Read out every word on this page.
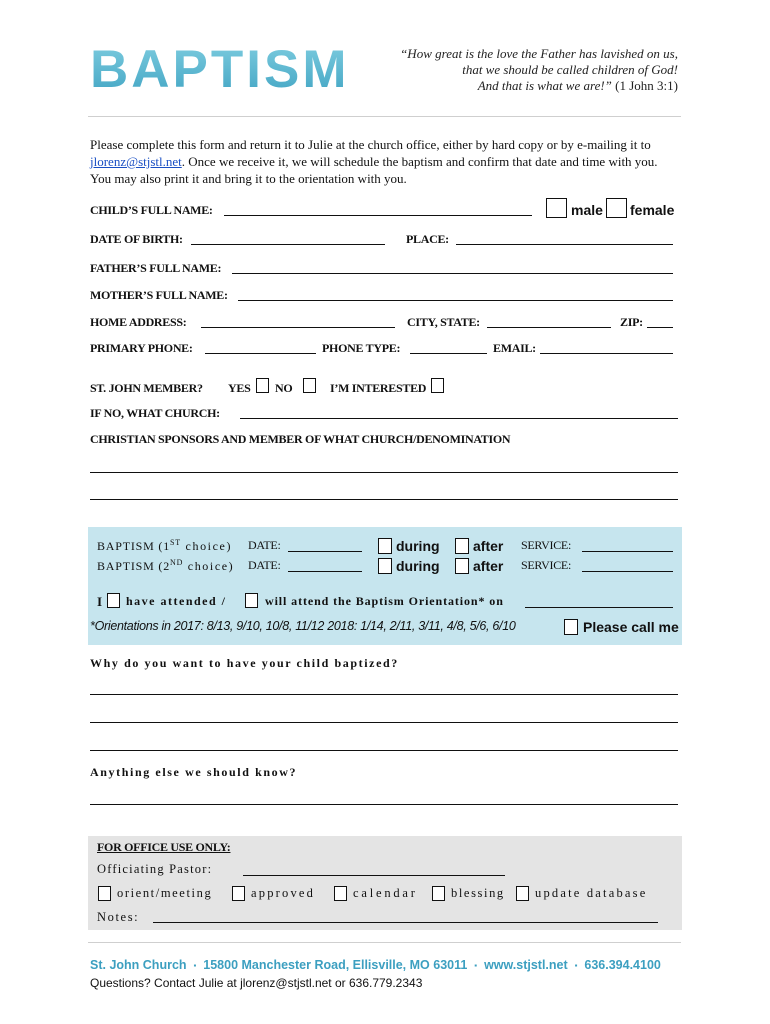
BAPTISM	“How great is the love the Father has lavished on us,
that we should be called children of God!
And that is what we are!” (1 John 3:1)
Please complete this form and return it to Julie at the church office, either by hard copy or by e-mailing it to
jlorenz@stjstl.net. Once we receive it, we will schedule the baptism and confirm that date and time with you.
You may also print it and bring it to the orientation with you.
CHILD’S FULL NAME:	male female
DATE OF BIRTH:	PLACE:
FATHER’S FULL NAME:
MOTHER’S FULL NAME:
HOME ADDRESS:	CITY, STATE:	ZIP:
PRIMARY PHONE:	PHONE TYPE:	EMAIL:
ST. JOHN MEMBER? YES NO	I’M INTERESTED
IF NO, WHAT CHURCH:
CHRISTIAN SPONSORS AND MEMBER OF WHAT CHURCH/DENOMINATION
BAPTISM (1ST choice) DATE:	during after SERVICE:
BAPTISM (2ND choice) DATE:	during after SERVICE:
I have attended /	will attend the Baptism Orientation* on
*Orientations in 2017: 8/13, 9/10, 10/8, 11/12 2018: 1/14, 2/11, 3/11, 4/8, 5/6, 6/10	Please call me
Why do you want to have your child baptized?
Anything else we should know?
FOR OFFICE USE ONLY:
Officiating Pastor:
orient/meeting	approved	calendar	blessing update database
Notes:
St. John Church ▪ 15800 Manchester Road, Ellisville, MO 63011 ▪ www.stjstl.net ▪ 636.394.4100
Questions? Contact Julie at jlorenz@stjstl.net or 636.779.2343
